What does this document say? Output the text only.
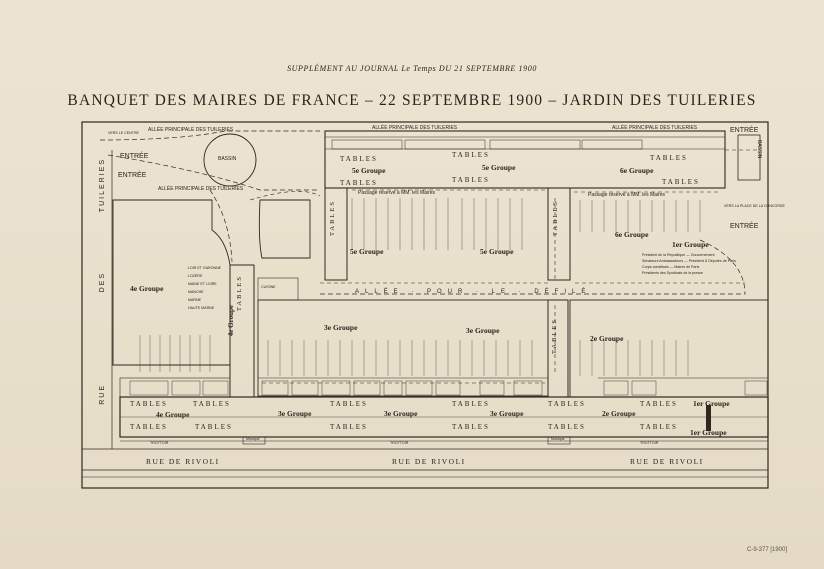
SUPPLÉMENT AU JOURNAL Le Temps DU 21 SEPTEMBRE 1900
BANQUET DES MAIRES DE FRANCE – 22 SEPTEMBRE 1900 – JARDIN DES TUILERIES
VERS LE CENTRE ALLÉE PRINCIPALE DES TUILERIES	ALLÉE PRINCIPALE DES TUILERIES	ALLÉE PRINCIPALE DES TUILERIES
ALLÉE PRINCIPALE DES TUILERIES
ENTRÉE
ENTRÉE
ENTRÉE
ENTRÉE
BASSIN
TUILERIES
DES
RUE
BASSIN
VERS LA PLACE DE LA CONCORDE
Passage réservé à MM. les Maires	Passage réservé à MM. les Maires
ALLÉE · POUR · LE · DÉFILÉ
TABLES	TABLES	TABLES
TABLES	TABLES	TABLES
5e Groupe	5e Groupe	6e Groupe
5e Groupe	5e Groupe
6e Groupe
1er Groupe
Président de la République — Gouvernement
Sénateurs Ambassadeurs — Président & Députés de Paris
Corps constitués — Maires de Paris
Présidents des Syndicats de la presse
4e Groupe
LOIR ET GARONNE
LOZÈRE
MAINE ET LOIRE
MANCHE
MARNE
HAUTE MARNE	TABLES
4e Groupe
TABLES	TABLES
TABLES
CUISINE
3e Groupe	3e Groupe
2e Groupe
TABLES	TABLES	TABLES	TABLES	TABLES	TABLES
4e Groupe	3e Groupe	3e Groupe	3e Groupe	2e Groupe
1er Groupe
1er Groupe
TABLES	TABLES	TABLES	TABLES	TABLES	TABLES
Musique	Musique
TROTTOIR	TROTTOIR	TROTTOIR
RUE DE RIVOLI	RUE DE RIVOLI	RUE DE RIVOLI
C-9-377 [1900]
